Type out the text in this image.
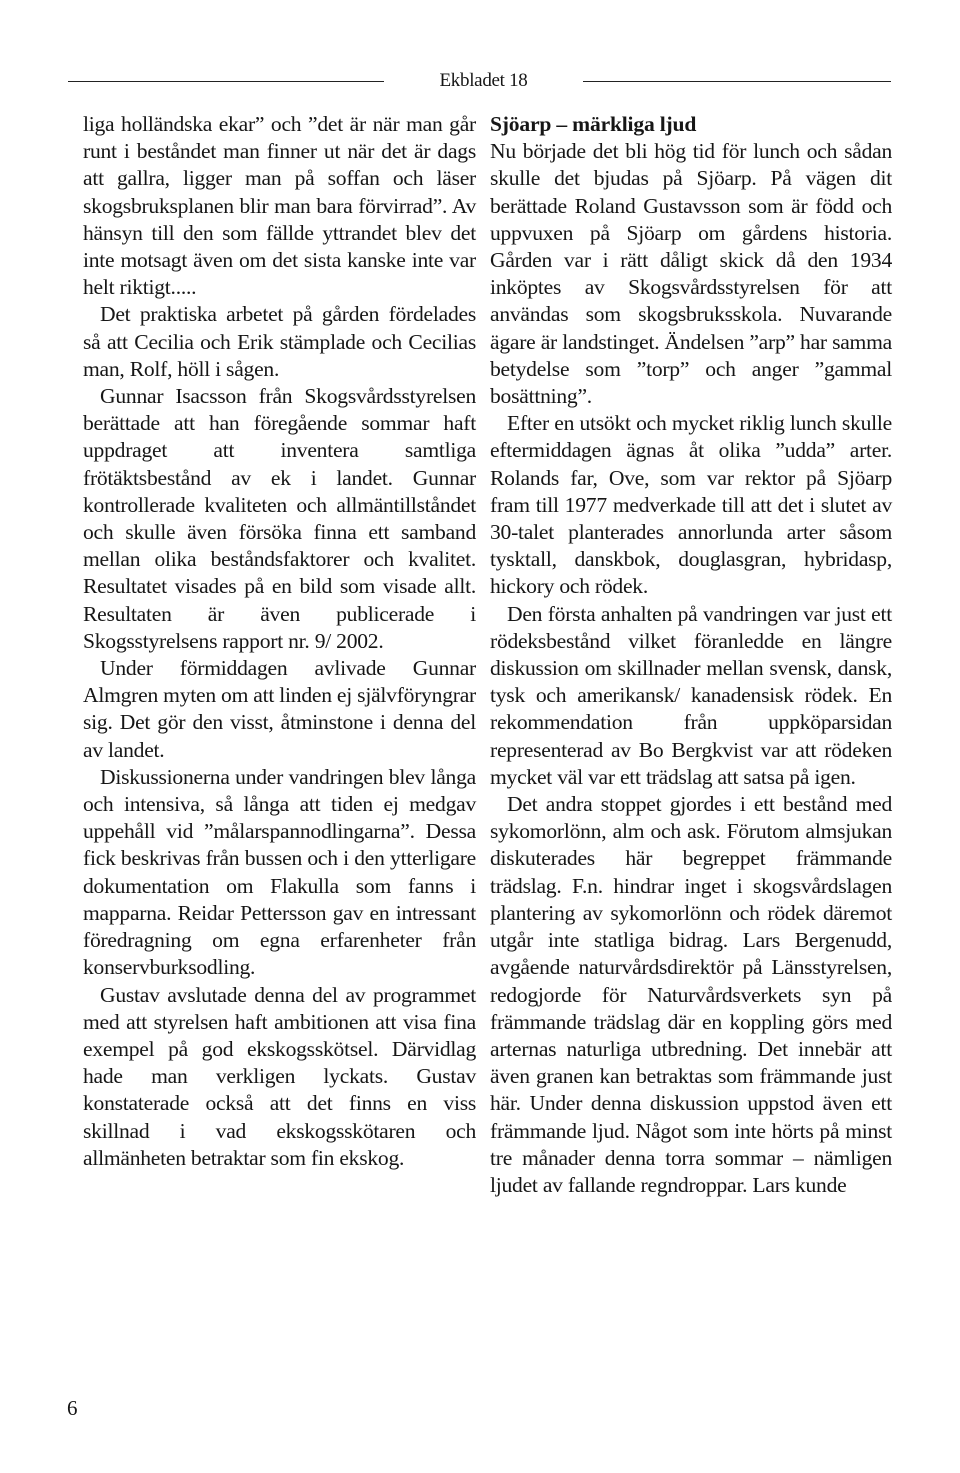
Ekbladet 18

liga holländska ekar” och ”det är när man går runt i beståndet man finner ut när det är dags att gallra, ligger man på soffan och läser skogsbruksplanen blir man bara förvirrad”. Av hänsyn till den som fällde yttrandet blev det inte motsagt även om det sista kanske inte var helt riktigt.....

Det praktiska arbetet på gården fördelades så att Cecilia och Erik stämplade och Cecilias man, Rolf, höll i sågen.

Gunnar Isacsson från Skogsvårdsstyrelsen berättade att han föregående sommar haft uppdraget att inventera samtliga frötäktsbestånd av ek i landet. Gunnar kontrollerade kvaliteten och allmäntillståndet och skulle även försöka finna ett samband mellan olika beståndsfaktorer och kvalitet. Resultatet visades på en bild som visade allt. Resultaten är även publicerade i Skogsstyrelsens rapport nr. 9/ 2002.

Under förmiddagen avlivade Gunnar Almgren myten om att linden ej självföryngrar sig. Det gör den visst, åtminstone i denna del av landet.

Diskussionerna under vandringen blev långa och intensiva, så långa att tiden ej medgav uppehåll vid ”målarspannodlingarna”. Dessa fick beskrivas från bussen och i den ytterligare dokumentation om Flakulla som fanns i mapparna. Reidar Pettersson gav en intressant föredragning om egna erfarenheter från konservburksodling.

Gustav avslutade denna del av programmet med att styrelsen haft ambitionen att visa fina exempel på god ekskogsskötsel. Därvidlag hade man verkligen lyckats. Gustav konstaterade också att det finns en viss skillnad i vad ekskogsskötaren och allmänheten betraktar som fin ekskog.

Sjöarp – märkliga ljud

Nu började det bli hög tid för lunch och sådan skulle det bjudas på Sjöarp. På vägen dit berättade Roland Gustavsson som är född och uppvuxen på Sjöarp om gårdens historia. Gården var i rätt dåligt skick då den 1934 inköptes av Skogsvårdsstyrelsen för att användas som skogsbruksskola. Nuvarande ägare är landstinget. Ändelsen ”arp” har samma betydelse som ”torp” och anger ”gammal bosättning”.

Efter en utsökt och mycket riklig lunch skulle eftermiddagen ägnas åt olika ”udda” arter. Rolands far, Ove, som var rektor på Sjöarp fram till 1977 medverkade till att det i slutet av 30-talet planterades annorlunda arter såsom tysktall, danskbok, douglasgran, hybridasp, hickory och rödek.

Den första anhalten på vandringen var just ett rödeksbestånd vilket föranledde en längre diskussion om skillnader mellan svensk, dansk, tysk och amerikansk/ kanadensisk rödek. En rekommendation från uppköparsidan representerad av Bo Bergkvist var att rödeken mycket väl var ett trädslag att satsa på igen.

Det andra stoppet gjordes i ett bestånd med sykomorlönn, alm och ask. Förutom almsjukan diskuterades här begreppet främmande trädslag. F.n. hindrar inget i skogsvårdslagen plantering av sykomorlönn och rödek däremot utgår inte statliga bidrag. Lars Bergenudd, avgående naturvårdsdirektör på Länsstyrelsen, redogjorde för Naturvårdsverkets syn på främmande trädslag där en koppling görs med arternas naturliga utbredning. Det innebär att även granen kan betraktas som främmande just här. Under denna diskussion uppstod även ett främmande ljud. Något som inte hörts på minst tre månader denna torra sommar – nämligen ljudet av fallande regndroppar. Lars kunde

6
